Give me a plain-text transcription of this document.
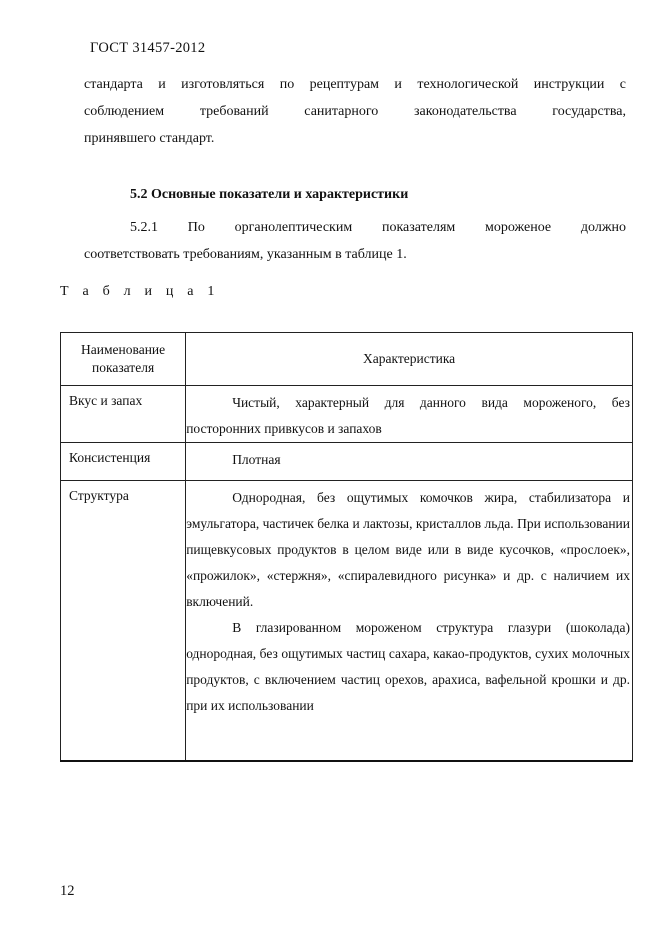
ГОСТ 31457-2012
стандарта и изготовляться по рецептурам и технологической инструкции с
соблюдением требований санитарного законодательства государства,
принявшего стандарт.
5.2 Основные показатели и характеристики
5.2.1 По органолептическим показателям мороженое должно
соответствовать требованиям, указанным в таблице 1.
Т а б л и ц а 1
Наименование показателя	Характеристика
Вкус и запах	Чистый, характерный для данного вида мороженого, без посторонних привкусов и запахов

Консистенция	Плотная

Структура	Однородная, без ощутимых комочков жира, стабилизатора и эмульгатора, частичек белка и лактозы, кристаллов льда. При использовании пищевкусовых продуктов в целом виде или в виде кусочков, «прослоек», «прожилок», «стержня», «спиралевидного рисунка» и др. с наличием их включений.

В глазированном мороженом структура глазури (шоколада) однородная, без ощутимых частиц сахара, какао-продуктов, сухих молочных продуктов, с включением частиц орехов, арахиса, вафельной крошки и др. при их использовании

12
